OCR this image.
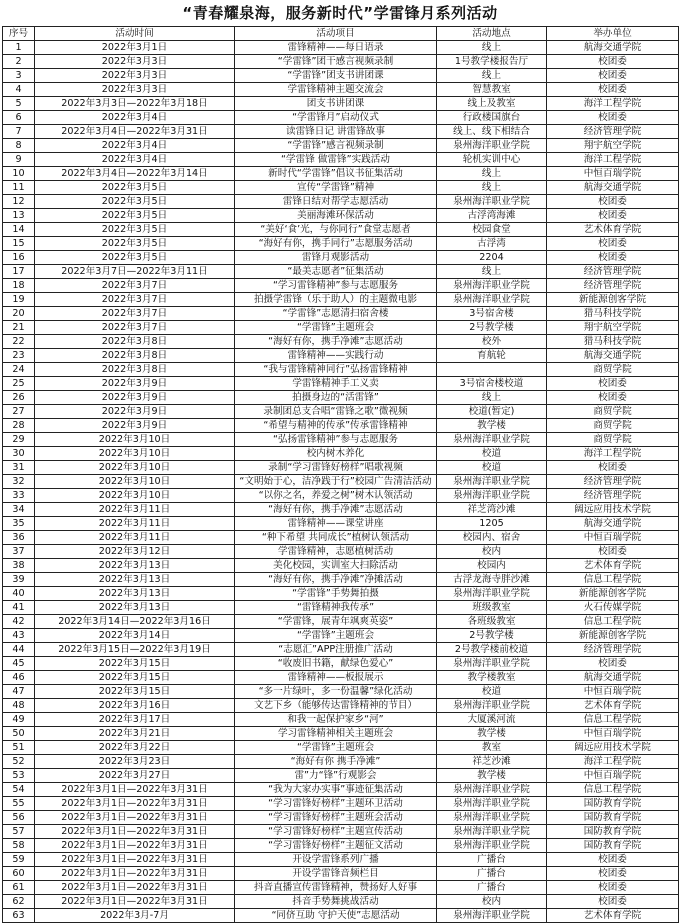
“青春耀泉海，服务新时代”学雷锋月系列活动
序号	活动时间	活动项目	活动地点	举办单位
1	2022年3月1日	雷锋精神——每日语录	线上	航海交通学院
2	2022年3月3日	“学雷锋”团干感言视频录制	1号教学楼报告厅	校团委
3	2022年3月3日	“学雷锋”团支书讲团课	线上	校团委
4	2022年3月3日	学雷锋精神主题交流会	智慧教室	校团委
5	2022年3月3日—2022年3月18日	团支书讲团课	线上及教室	海洋工程学院
6	2022年3月4日	“学雷锋月”启动仪式	行政楼国旗台	校团委
7	2022年3月4日—2022年3月31日	读雷锋日记 讲雷锋故事	线上、线下相结合	经济管理学院
8	2022年3月4日	“学雷锋”感言视频录制	泉州海洋职业学院	翔宇航空学院
9	2022年3月4日	“学雷锋 做雷锋”实践活动	轮机实训中心	海洋工程学院
10	2022年3月4日—2022年3月14日	新时代“学雷锋”倡议书征集活动	线上	中恒百瑞学院
11	2022年3月5日	宣传“学雷锋”精神	线上	航海交通学院
12	2022年3月5日	雷锋日结对帮学志愿活动	泉州海洋职业学院	校团委
13	2022年3月5日	美丽海滩环保活动	古浮湾海滩	校团委
14	2022年3月5日	“美好‘食’光，与你同行”食堂志愿者	校园食堂	艺术体育学院
15	2022年3月5日	“海好有你，携手同行”志愿服务活动	古浮湾	校团委
16	2022年3月5日	雷锋月观影活动	2204	校团委
17	2022年3月7日—2022年3月11日	“最美志愿者”征集活动	线上	经济管理学院
18	2022年3月7日	“学习雷锋精神”参与志愿服务	泉州海洋职业学院	经济管理学院
19	2022年3月7日	拍摄学雷锋（乐于助人）的主题微电影	泉州海洋职业学院	新能源创客学院
20	2022年3月7日	“学雷锋”志愿清扫宿舍楼	3号宿舍楼	猎马科技学院
21	2022年3月7日	“学雷锋”主题班会	2号教学楼	翔宇航空学院
22	2022年3月8日	“海好有你，携手净滩”志愿活动	校外	猎马科技学院
23	2022年3月8日	雷锋精神——实践行动	育航轮	航海交通学院
24	2022年3月8日	“我与雷锋精神同行”弘扬雷锋精神		商贸学院
25	2022年3月9日	学雷锋精神手工义卖	3号宿舍楼校道	校团委
26	2022年3月9日	拍摄身边的“活雷锋”	线上	校团委
27	2022年3月9日	录制团总支合唱“雷锋之歌”微视频	校道(暂定)	商贸学院
28	2022年3月9日	“希望与精神的传承”传承雷锋精神	教学楼	商贸学院
29	2022年3月10日	“弘扬雷锋精神”参与志愿服务	泉州海洋职业学院	商贸学院
30	2022年3月10日	校内树木养化	校道	海洋工程学院
31	2022年3月10日	录制“学习雷锋好榜样”唱歌视频	校道	校团委
32	2022年3月10日	“文明始于心，洁净践于行”校园广告清洁活动	泉州海洋职业学院	经济管理学院
33	2022年3月10日	“以你之名，养爱之树”树木认领活动	泉州海洋职业学院	经济管理学院
34	2022年3月11日	“海好有你，携手净滩”志愿活动	祥芝湾沙滩	阔远应用技术学院
35	2022年3月11日	雷锋精神——课堂讲座	1205	航海交通学院
36	2022年3月11日	“种下希望 共同成长”植树认领活动	校园内、宿舍	中恒百瑞学院
37	2022年3月12日	学雷锋精神，志愿植树活动	校内	校团委
38	2022年3月13日	美化校园，实训室大扫除活动	校园内	艺术体育学院
39	2022年3月13日	“海好有你，携手净滩”净摊活动	古浮龙海寺胖沙滩	信息工程学院
40	2022年3月13日	“学雷锋”手势舞拍摄	泉州海洋职业学院	新能源创客学院
41	2022年3月13日	“雷锋精神我传承”	班级教室	火石传媒学院
42	2022年3月14日—2022年3月16日	“学雷锋，展青年飒爽英姿”	各班级教室	信息工程学院
43	2022年3月14日	“学雷锋”主题班会	2号教学楼	新能源创客学院
44	2022年3月15日—2022年3月19日	“志愿汇”APP注册推广活动	2号教学楼前校道	经济管理学院
45	2022年3月15日	“收废旧书籍，献绿色爱心”	泉州海洋职业学院	校团委
46	2022年3月15日	雷锋精神——板报展示	教学楼教室	航海交通学院
47	2022年3月15日	“多一片绿叶，多一份温馨”绿化活动	校道	中恒百瑞学院
48	2022年3月16日	文艺下乡（能够传达雷锋精神的节目）	泉州海洋职业学院	艺术体育学院
49	2022年3月17日	和我一起保护家乡“河”	大厦溪河流	信息工程学院
50	2022年3月21日	学习雷锋精神相关主题班会	教学楼	中恒百瑞学院
51	2022年3月22日	“学雷锋”主题班会	教室	阔远应用技术学院
52	2022年3月23日	“海好有你 携手净滩”	祥芝沙滩	海洋工程学院
53	2022年3月27日	雷”力“锋”行观影会	教学楼	中恒百瑞学院
54	2022年3月1日—2022年3月31日	“我为大家办实事”事迹征集活动	泉州海洋职业学院	信息工程学院
55	2022年3月1日—2022年3月31日	“学习雷锋好榜样”主题环卫活动	泉州海洋职业学院	国防教育学院
56	2022年3月1日—2022年3月31日	“学习雷锋好榜样”主题班会活动	泉州海洋职业学院	国防教育学院
57	2022年3月1日—2022年3月31日	“学习雷锋好榜样”主题宣传活动	泉州海洋职业学院	国防教育学院
58	2022年3月1日—2022年3月31日	“学习雷锋好榜样”主题征文活动	泉州海洋职业学院	国防教育学院
59	2022年3月1日—2022年3月31日	开设学雷锋系列广播	广播台	校团委
60	2022年3月1日—2022年3月31日	开设学雷锋音频栏目	广播台	校团委
61	2022年3月1日—2022年3月31日	抖音直播宣传雷锋精神，赞扬好人好事	广播台	校团委
62	2022年3月1日—2022年3月31日	抖音手势舞挑战活动	校内	校团委
63	2022年3月-7月	“同侪互助 守护天使”志愿活动	泉州海洋职业学院	艺术体育学院
